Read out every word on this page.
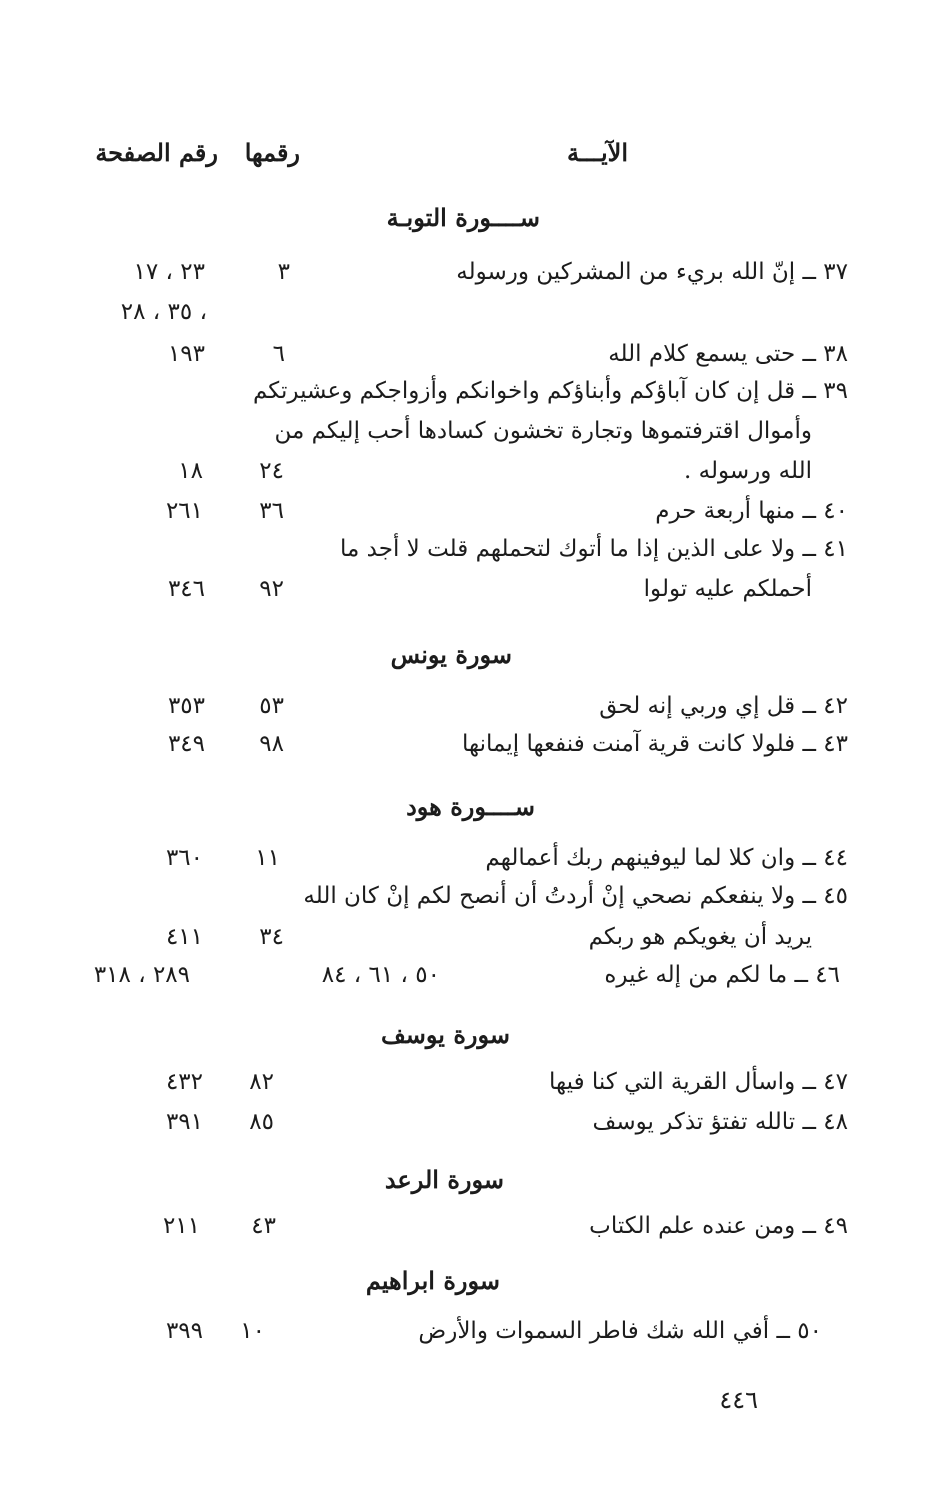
الآيـــة
رقمها
رقم الصفحة
ســــورة التوبـة
٣٧ ــ إنّ الله بريء من المشركين ورسوله
٣
٢٣ ، ١٧
، ٣٥ ، ٢٨
٣٨ ــ حتى يسمع كلام الله
٦
١٩٣
٣٩ ــ قل إن كان آباؤكم وأبناؤكم واخوانكم وأزواجكم وعشيرتكم
وأموال اقترفتموها وتجارة تخشون كسادها أحب إليكم من
الله ورسوله .
٢٤
١٨
٤٠ ــ منها أربعة حرم
٣٦
٢٦١
٤١ ــ ولا على الذين إذا ما أتوك لتحملهم قلت لا أجد ما
أحملكم عليه تولوا
٩٢
٣٤٦
سورة يونس
٤٢ ــ قل إي وربي إنه لحق
٥٣
٣٥٣
٤٣ ــ فلولا كانت قرية آمنت فنفعها إيمانها
٩٨
٣٤٩
ســــورة هود
٤٤ ــ وان كلا لما ليوفينهم ربك أعمالهم
١١
٣٦٠
٤٥ ــ ولا ينفعكم نصحي إنْ أردتُ أن أنصح لكم إنْ كان الله
يريد أن يغويكم هو ربكم
٣٤
٤١١
٤٦ ــ ما لكم من إله غيره
٥٠ ، ٦١ ، ٨٤
٢٨٩ ، ٣١٨
سورة يوسف
٤٧ ــ واسأل القرية التي كنا فيها
٨٢
٤٣٢
٤٨ ــ تالله تفتؤ تذكر يوسف
٨٥
٣٩١
سورة الرعد
٤٩ ــ ومن عنده علم الكتاب
٤٣
٢١١
سورة ابراهيم
٥٠ ــ أفي الله شك فاطر السموات والأرض
١٠
٣٩٩
٤٤٦
